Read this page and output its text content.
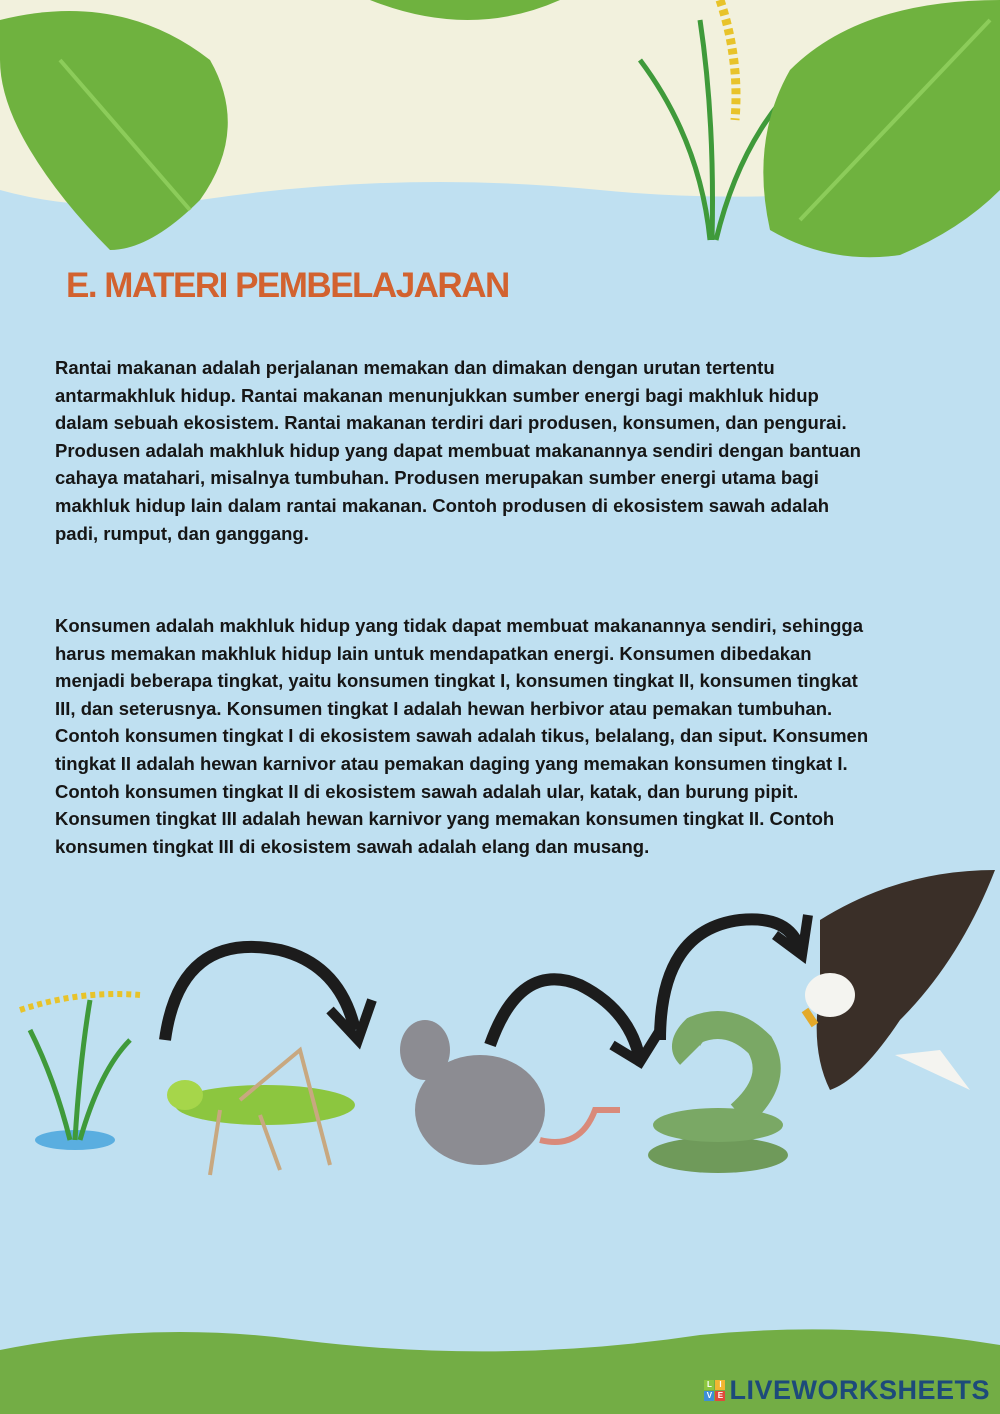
E. MATERI PEMBELAJARAN
Rantai makanan adalah perjalanan memakan dan dimakan dengan urutan tertentu
antarmakhluk hidup. Rantai makanan menunjukkan sumber energi bagi makhluk hidup
dalam sebuah ekosistem. Rantai makanan terdiri dari produsen, konsumen, dan pengurai.
Produsen adalah makhluk hidup yang dapat membuat makanannya sendiri dengan bantuan
cahaya matahari, misalnya tumbuhan. Produsen merupakan sumber energi utama bagi
makhluk hidup lain dalam rantai makanan. Contoh produsen di ekosistem sawah adalah
padi, rumput, dan ganggang.
Konsumen adalah makhluk hidup yang tidak dapat membuat makanannya sendiri, sehingga
harus memakan makhluk hidup lain untuk mendapatkan energi. Konsumen dibedakan
menjadi beberapa tingkat, yaitu konsumen tingkat I, konsumen tingkat II, konsumen tingkat
III, dan seterusnya. Konsumen tingkat I adalah hewan herbivor atau pemakan tumbuhan.
Contoh konsumen tingkat I di ekosistem sawah adalah tikus, belalang, dan siput. Konsumen
tingkat II adalah hewan karnivor atau pemakan daging yang memakan konsumen tingkat I.
Contoh konsumen tingkat II di ekosistem sawah adalah ular, katak, dan burung pipit.
Konsumen tingkat III adalah hewan karnivor yang memakan konsumen tingkat II. Contoh
konsumen tingkat III di ekosistem sawah adalah elang dan musang.
L I
V E LIVEWORKSHEETS
